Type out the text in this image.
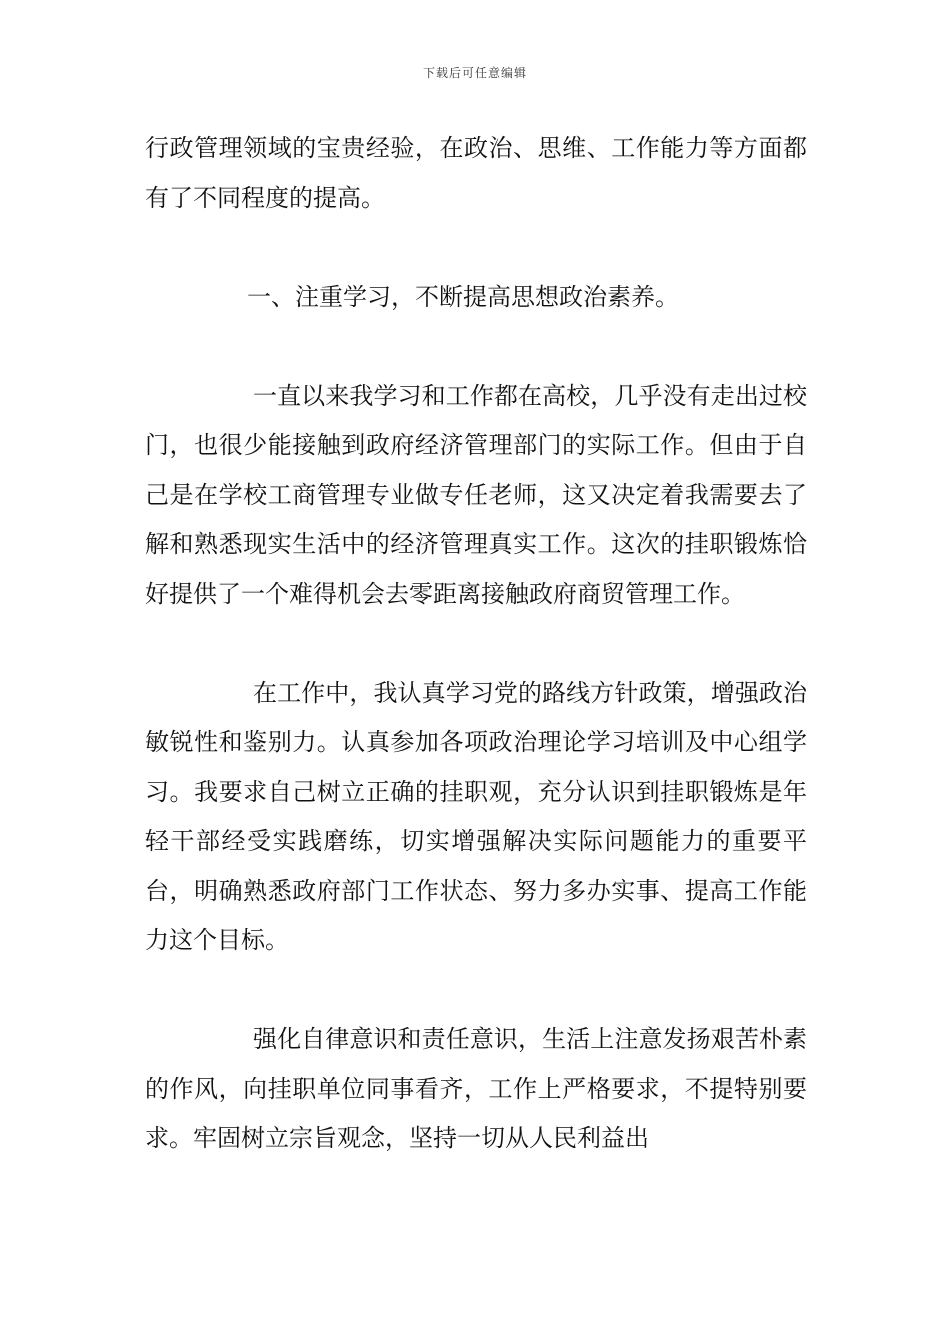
下载后可任意编辑

行政管理领域的宝贵经验，在政治、思维、工作能力等方面都有了不同程度的提高。

一、注重学习，不断提高思想政治素养。

一直以来我学习和工作都在高校，几乎没有走出过校门，也很少能接触到政府经济管理部门的实际工作。但由于自己是在学校工商管理专业做专任老师，这又决定着我需要去了解和熟悉现实生活中的经济管理真实工作。这次的挂职锻炼恰好提供了一个难得机会去零距离接触政府商贸管理工作。

在工作中，我认真学习党的路线方针政策，增强政治敏锐性和鉴别力。认真参加各项政治理论学习培训及中心组学习。我要求自己树立正确的挂职观，充分认识到挂职锻炼是年轻干部经受实践磨练，切实增强解决实际问题能力的重要平台，明确熟悉政府部门工作状态、努力多办实事、提高工作能力这个目标。

强化自律意识和责任意识，生活上注意发扬艰苦朴素的作风，向挂职单位同事看齐，工作上严格要求，不提特别要求。牢固树立宗旨观念，坚持一切从人民利益出
